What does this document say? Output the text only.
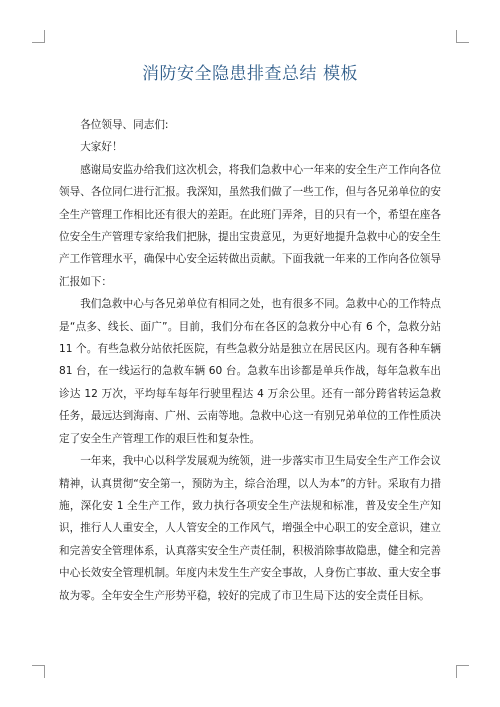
消防安全隐患排查总结 模板

各位领导、同志们:

大家好！

感谢局安监办给我们这次机会，将我们急救中心一年来的安全生产工作向各位领导、各位同仁进行汇报。我深知，虽然我们做了一些工作，但与各兄弟单位的安全生产管理工作相比还有很大的差距。在此班门弄斧，目的只有一个，希望在座各位安全生产管理专家给我们把脉，提出宝贵意见，为更好地提升急救中心的安全生产工作管理水平，确保中心安全运转做出贡献。下面我就一年来的工作向各位领导汇报如下：

我们急救中心与各兄弟单位有相同之处，也有很多不同。急救中心的工作特点是“点多、线长、面广”。目前，我们分布在各区的急救分中心有 6 个，急救分站 11 个。有些急救分站依托医院，有些急救分站是独立在居民区内。现有各种车辆 81 台，在一线运行的急救车辆 60 台。急救车出诊都是单兵作战，每年急救车出诊达 12 万次，平均每车每年行驶里程达 4 万余公里。还有一部分跨省转运急救任务，最远达到海南、广州、云南等地。急救中心这一有别兄弟单位的工作性质决定了安全生产管理工作的艰巨性和复杂性。

一年来，我中心以科学发展观为统领，进一步落实市卫生局安全生产工作会议精神，认真贯彻“安全第一，预防为主，综合治理，以人为本”的方针。采取有力措施，深化安 1 全生产工作，致力执行各项安全生产法规和标准，普及安全生产知识，推行人人重安全，人人管安全的工作风气，增强全中心职工的安全意识，建立和完善安全管理体系，认真落实安全生产责任制，积极消除事故隐患，健全和完善中心长效安全管理机制。年度内未发生生产安全事故，人身伤亡事故、重大安全事故为零。全年安全生产形势平稳，较好的完成了市卫生局下达的安全责任目标。
